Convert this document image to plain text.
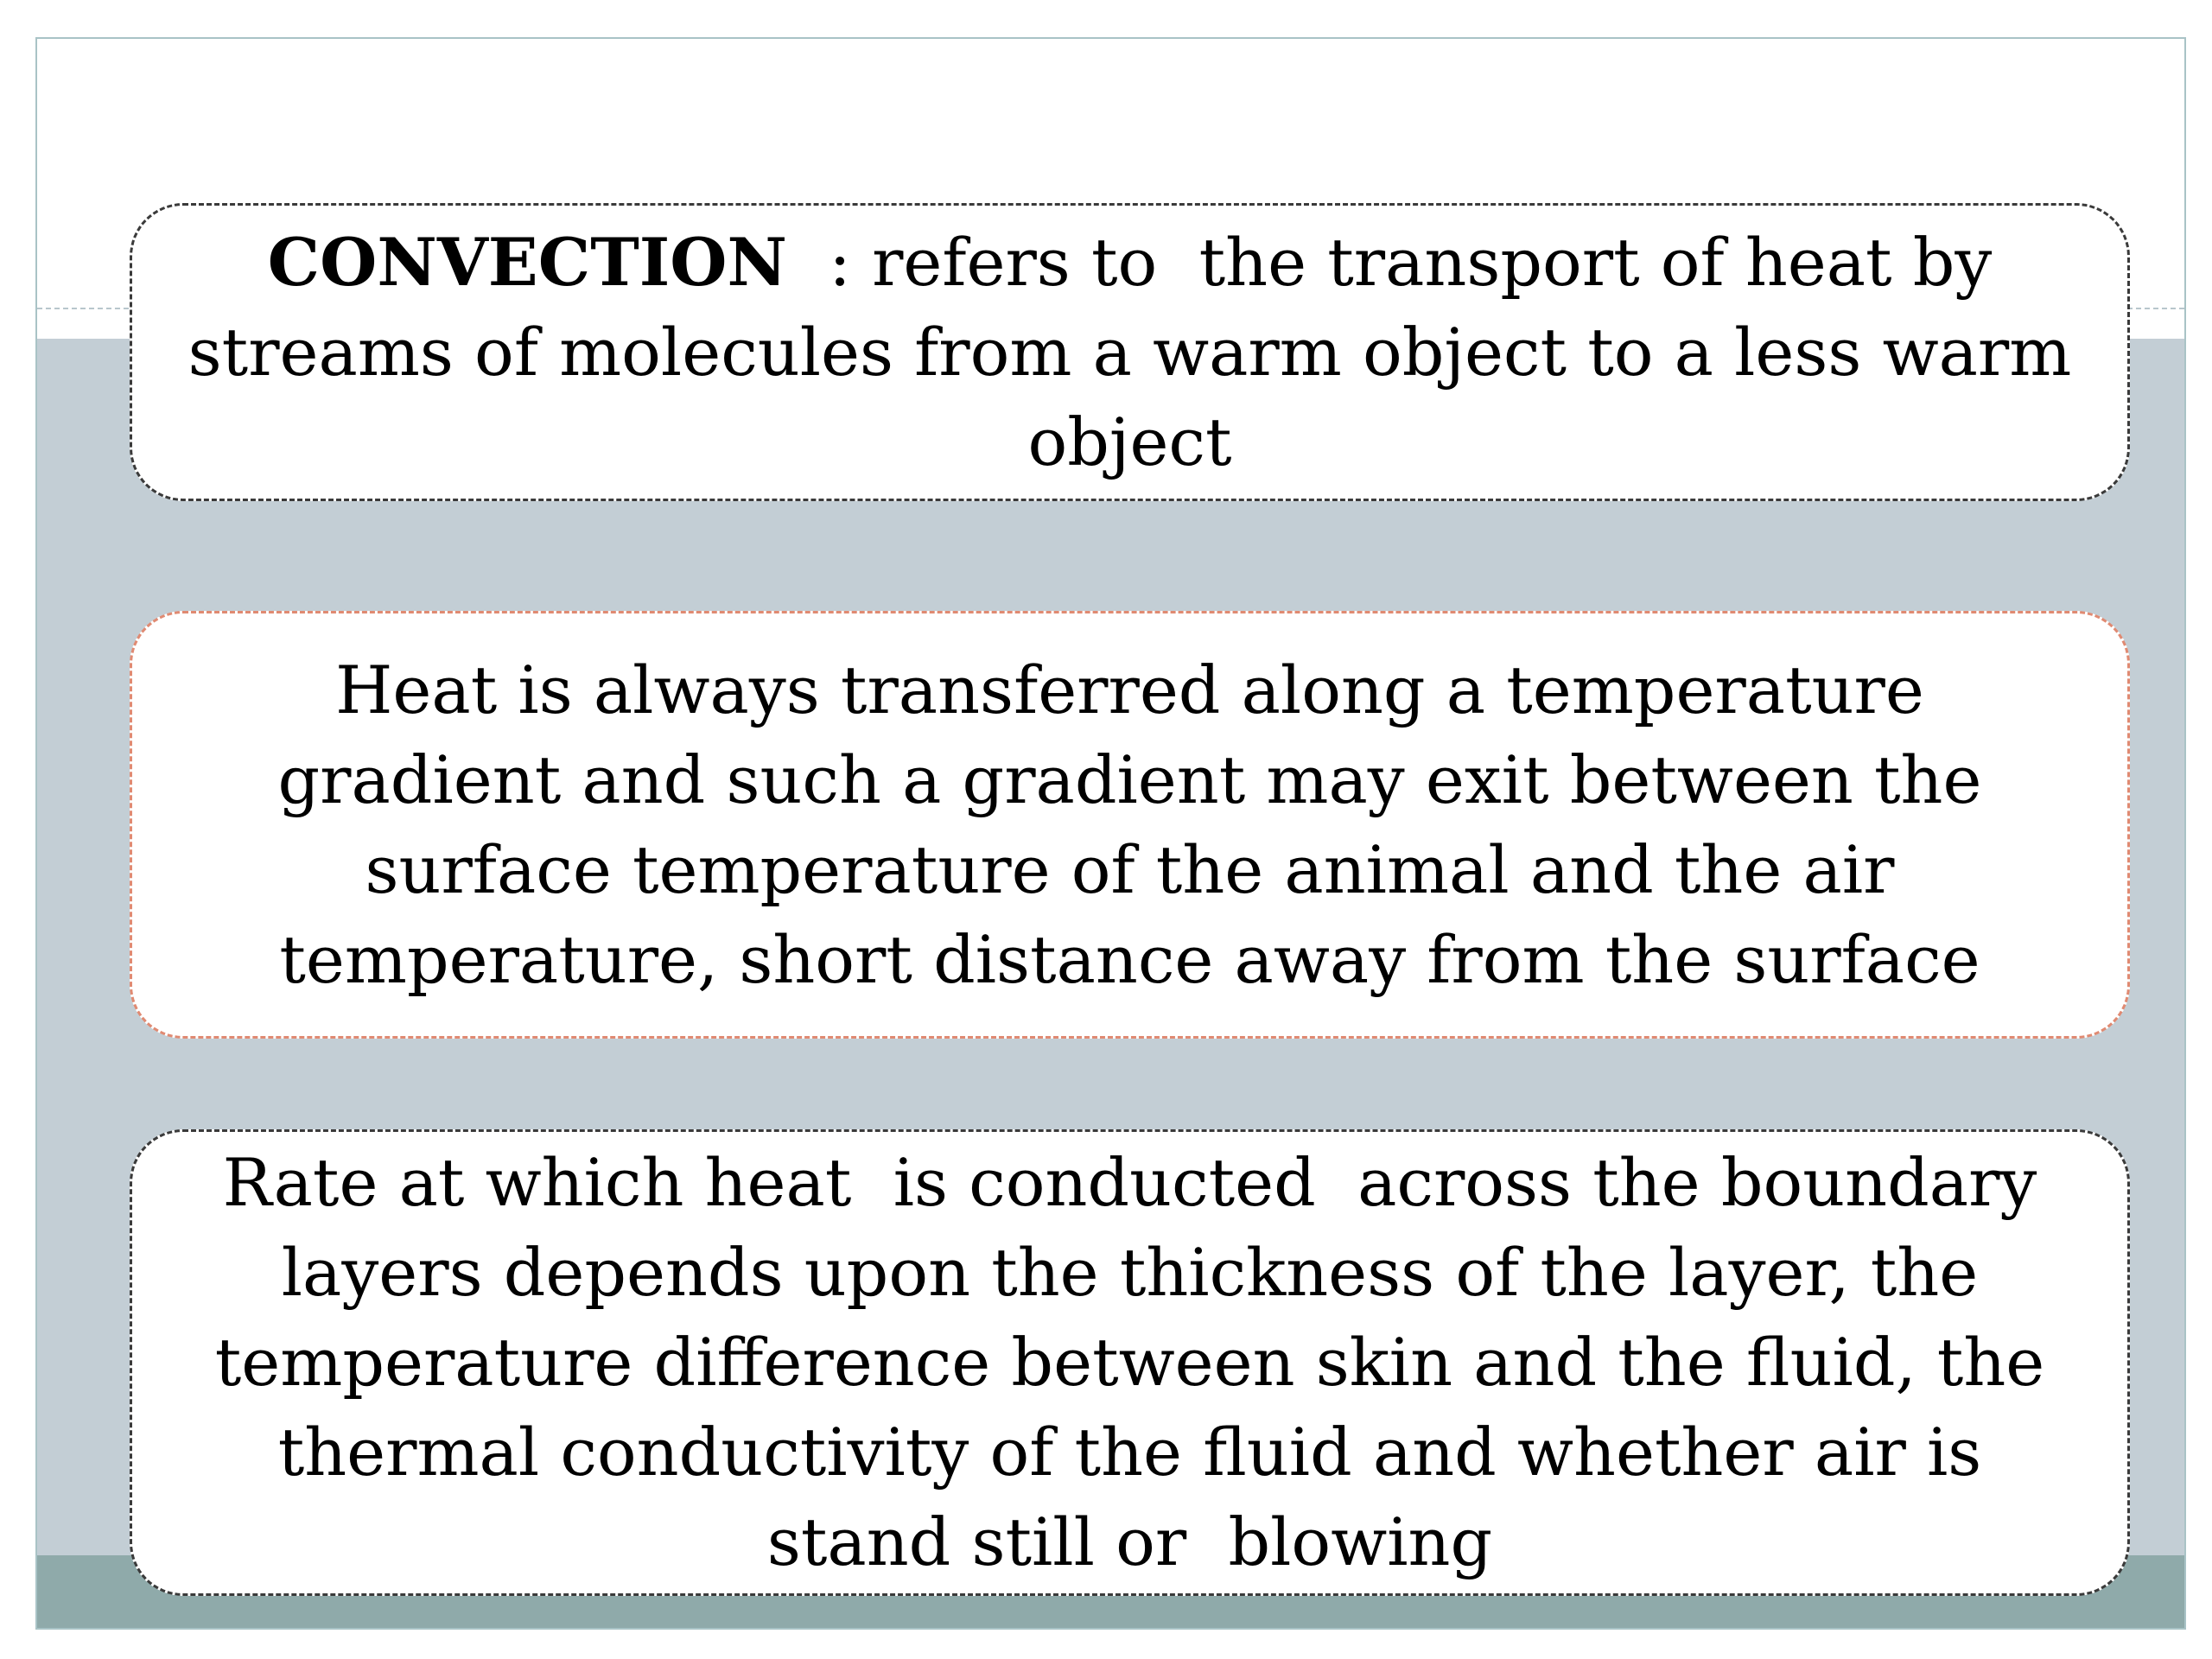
CONVECTION  : refers to  the transport of heat by streams of molecules from a warm object to a less warm object
Heat is always transferred along a temperature gradient and such a gradient may exit between the surface temperature of the animal and the air temperature, short distance away from the surface
Rate at which heat  is conducted  across the boundary layers depends upon the thickness of the layer, the temperature difference between skin and the fluid, the thermal conductivity of the fluid and whether air is stand still or  blowing
